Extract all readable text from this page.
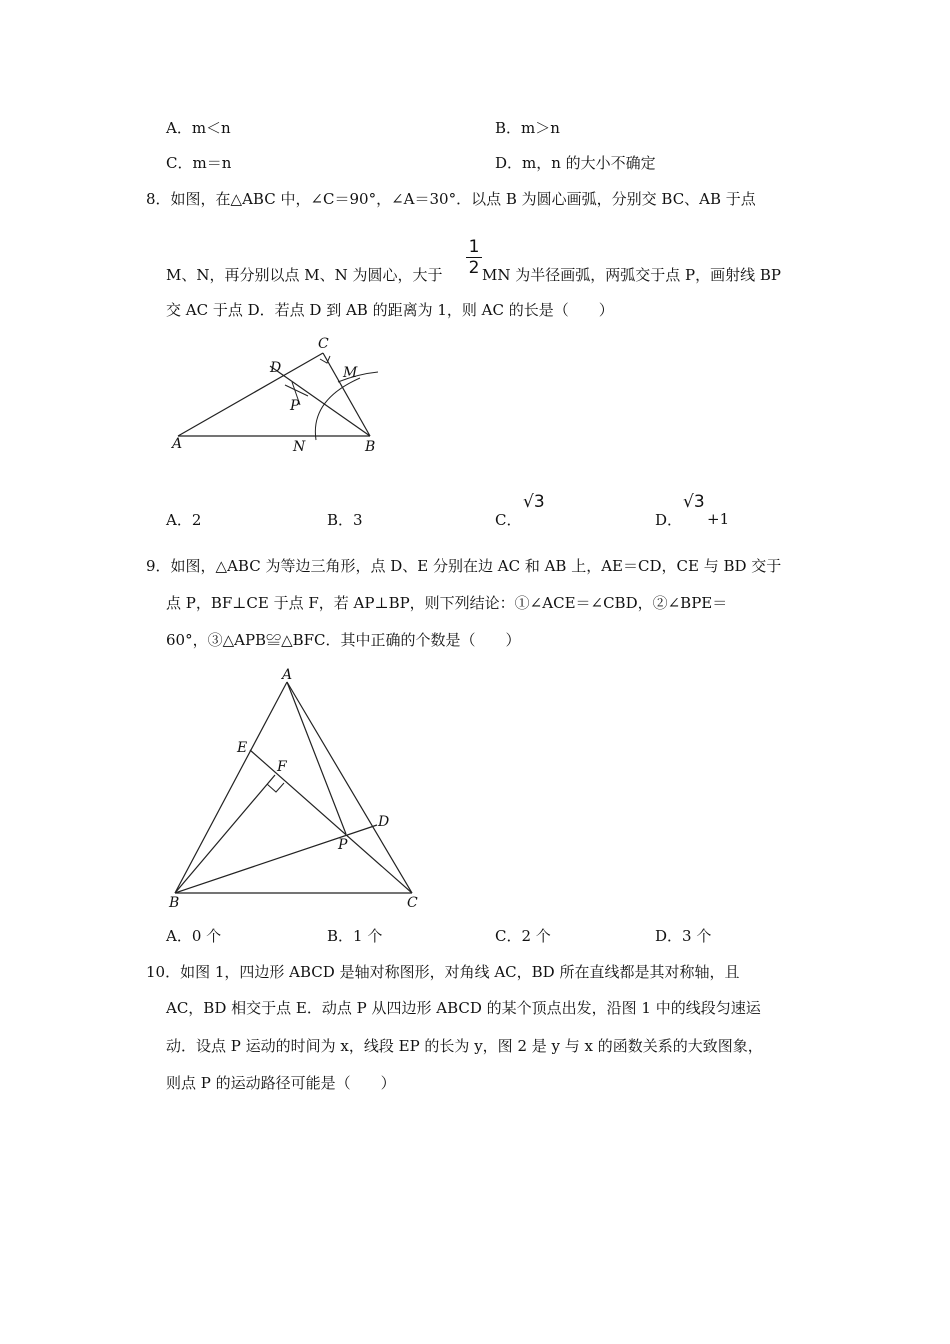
A．m＜n	B．m＞n
C．m＝n	D．m，n 的大小不确定
8．如图，在△ABC 中，∠C＝90°，∠A＝30°．以点 B 为圆心画弧，分别交 BC、AB 于点
1
2
M、N，再分别以点 M、N 为圆心，大于	MN 为半径画弧，两弧交于点 P，画射线 BP
交 AC 于点 D．若点 D 到 AB 的距离为 1，则 AC 的长是（　　）
A	B
C
D	M
N
P
A．2	B．3	C．
√3
D．
√3
+1
9．如图，△ABC 为等边三角形，点 D、E 分别在边 AC 和 AB 上，AE＝CD，CE 与 BD 交于
点 P，BF⊥CE 于点 F，若 AP⊥BP，则下列结论：①∠ACE＝∠CBD，②∠BPE＝
60°，③△APB≌△BFC．其中正确的个数是（　　）
A
B	C
D
E
F
P
A．0 个	B．1 个	C．2 个	D．3 个
10．如图 1，四边形 ABCD 是轴对称图形，对角线 AC，BD 所在直线都是其对称轴，且
AC，BD 相交于点 E．动点 P 从四边形 ABCD 的某个顶点出发，沿图 1 中的线段匀速运
动．设点 P 运动的时间为 x，线段 EP 的长为 y，图 2 是 y 与 x 的函数关系的大致图象，
则点 P 的运动路径可能是（　　）
